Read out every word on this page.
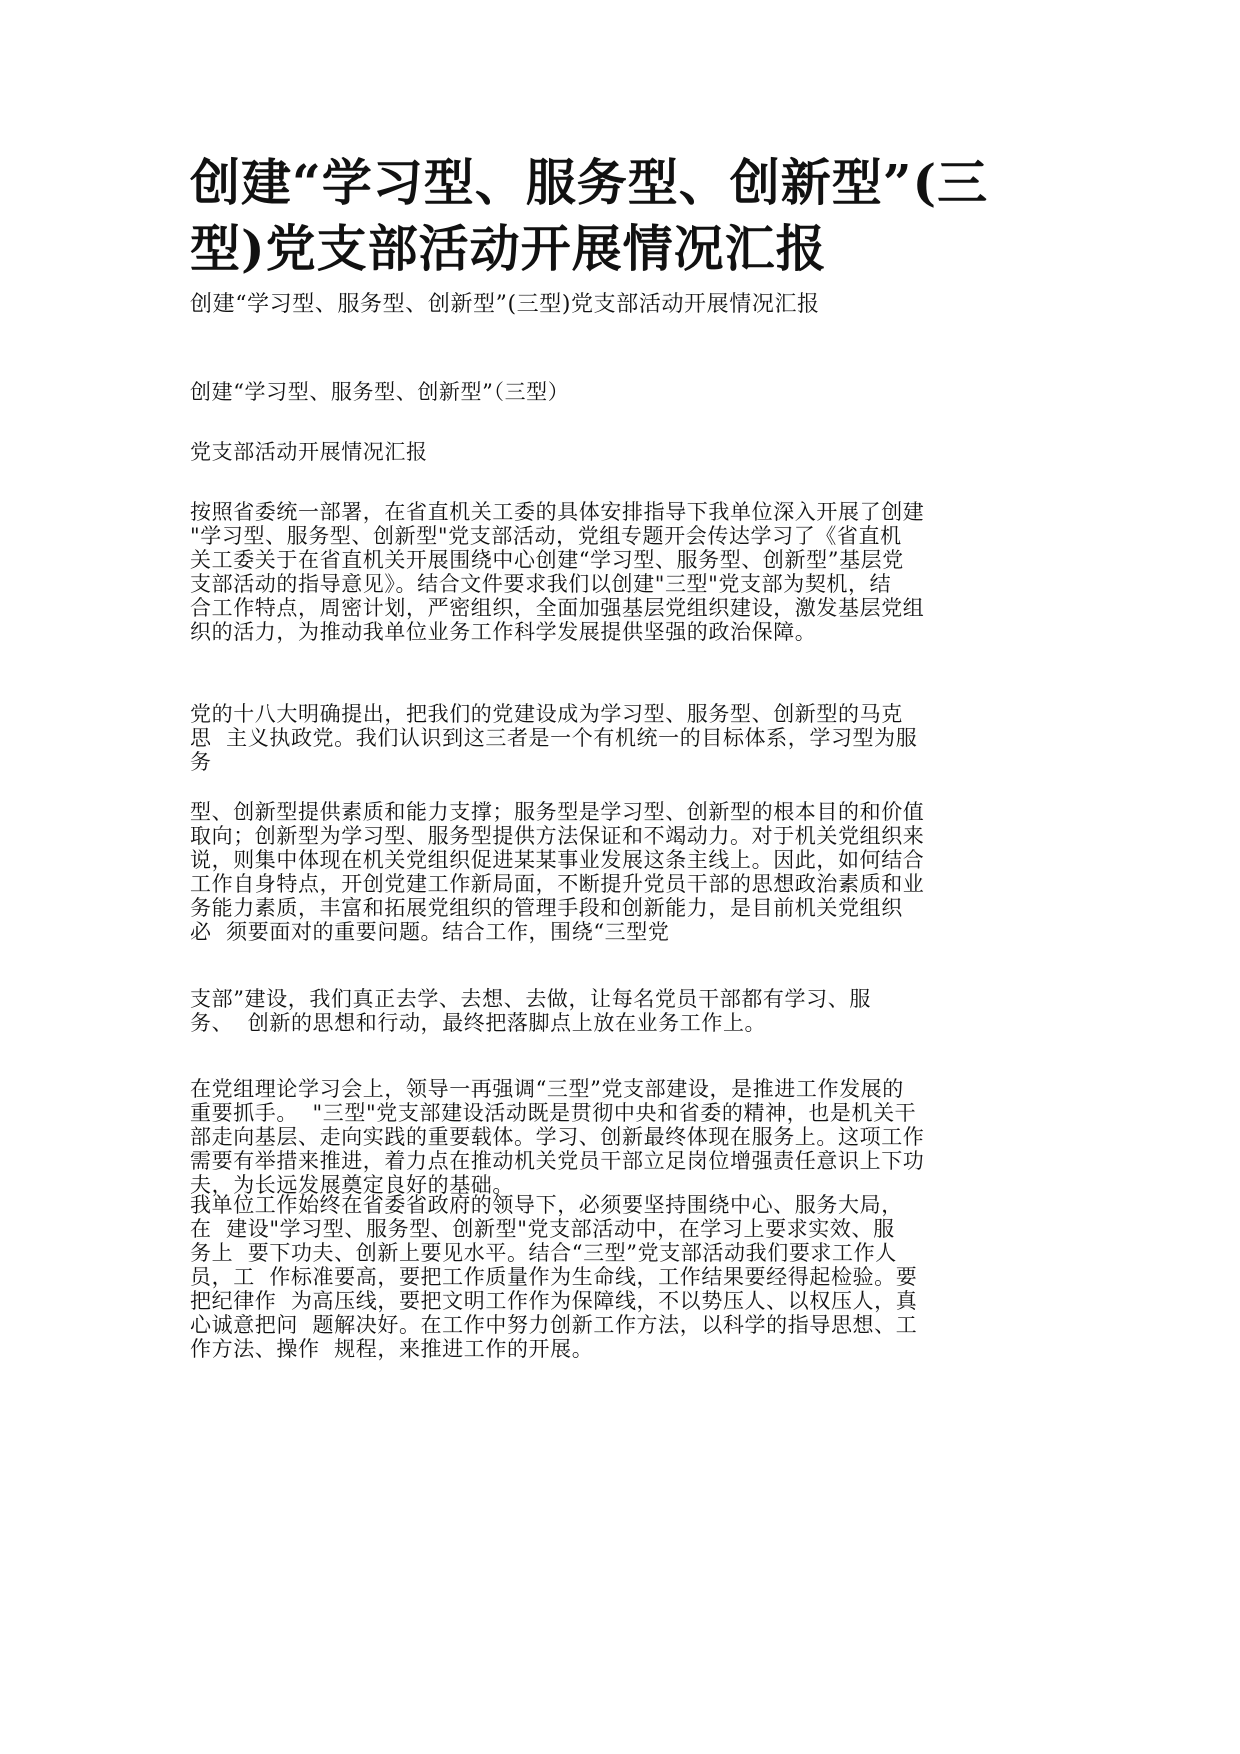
创建“学习型、服务型、创新型”(三型)党支部活动开展情况汇报

创建“学习型、服务型、创新型”(三型)党支部活动开展情况汇报

创建“学习型、服务型、创新型”（三型）

党支部活动开展情况汇报

按照省委统一部署，在省直机关工委的具体安排指导下我单位深入开展了创建
"学习型、服务型、创新型"党支部活动，党组专题开会传达学习了《省直机
关工委关于在省直机关开展围绕中心创建“学习型、服务型、创新型”基层党
支部活动的指导意见》。结合文件要求我们以创建"三型"党支部为契机，结
合工作特点，周密计划，严密组织，全面加强基层党组织建设，激发基层党组
织的活力，为推动我单位业务工作科学发展提供坚强的政治保障。

党的十八大明确提出，把我们的党建设成为学习型、服务型、创新型的马克
思  主义执政党。我们认识到这三者是一个有机统一的目标体系，学习型为服
务

型、创新型提供素质和能力支撑；服务型是学习型、创新型的根本目的和价值
取向；创新型为学习型、服务型提供方法保证和不竭动力。对于机关党组织来
说，则集中体现在机关党组织促进某某事业发展这条主线上。因此，如何结合
工作自身特点，开创党建工作新局面，不断提升党员干部的思想政治素质和业
务能力素质，丰富和拓展党组织的管理手段和创新能力，是目前机关党组织
必  须要面对的重要问题。结合工作，围绕“三型党

支部”建设，我们真正去学、去想、去做，让每名党员干部都有学习、服
务、  创新的思想和行动，最终把落脚点上放在业务工作上。

在党组理论学习会上，领导一再强调“三型”党支部建设，是推进工作发展的
重要抓手。  "三型"党支部建设活动既是贯彻中央和省委的精神，也是机关干
部走向基层、走向实践的重要载体。学习、创新最终体现在服务上。这项工作
需要有举措来推进，着力点在推动机关党员干部立足岗位增强责任意识上下功
夫，为长远发展奠定良好的基础。

我单位工作始终在省委省政府的领导下，必须要坚持围绕中心、服务大局，
在  建设"学习型、服务型、创新型"党支部活动中，在学习上要求实效、服
务上  要下功夫、创新上要见水平。结合“三型”党支部活动我们要求工作人
员，工  作标准要高，要把工作质量作为生命线，工作结果要经得起检验。要
把纪律作  为高压线，要把文明工作作为保障线，不以势压人、以权压人，真
心诚意把问  题解决好。在工作中努力创新工作方法，以科学的指导思想、工
作方法、操作  规程，来推进工作的开展。
